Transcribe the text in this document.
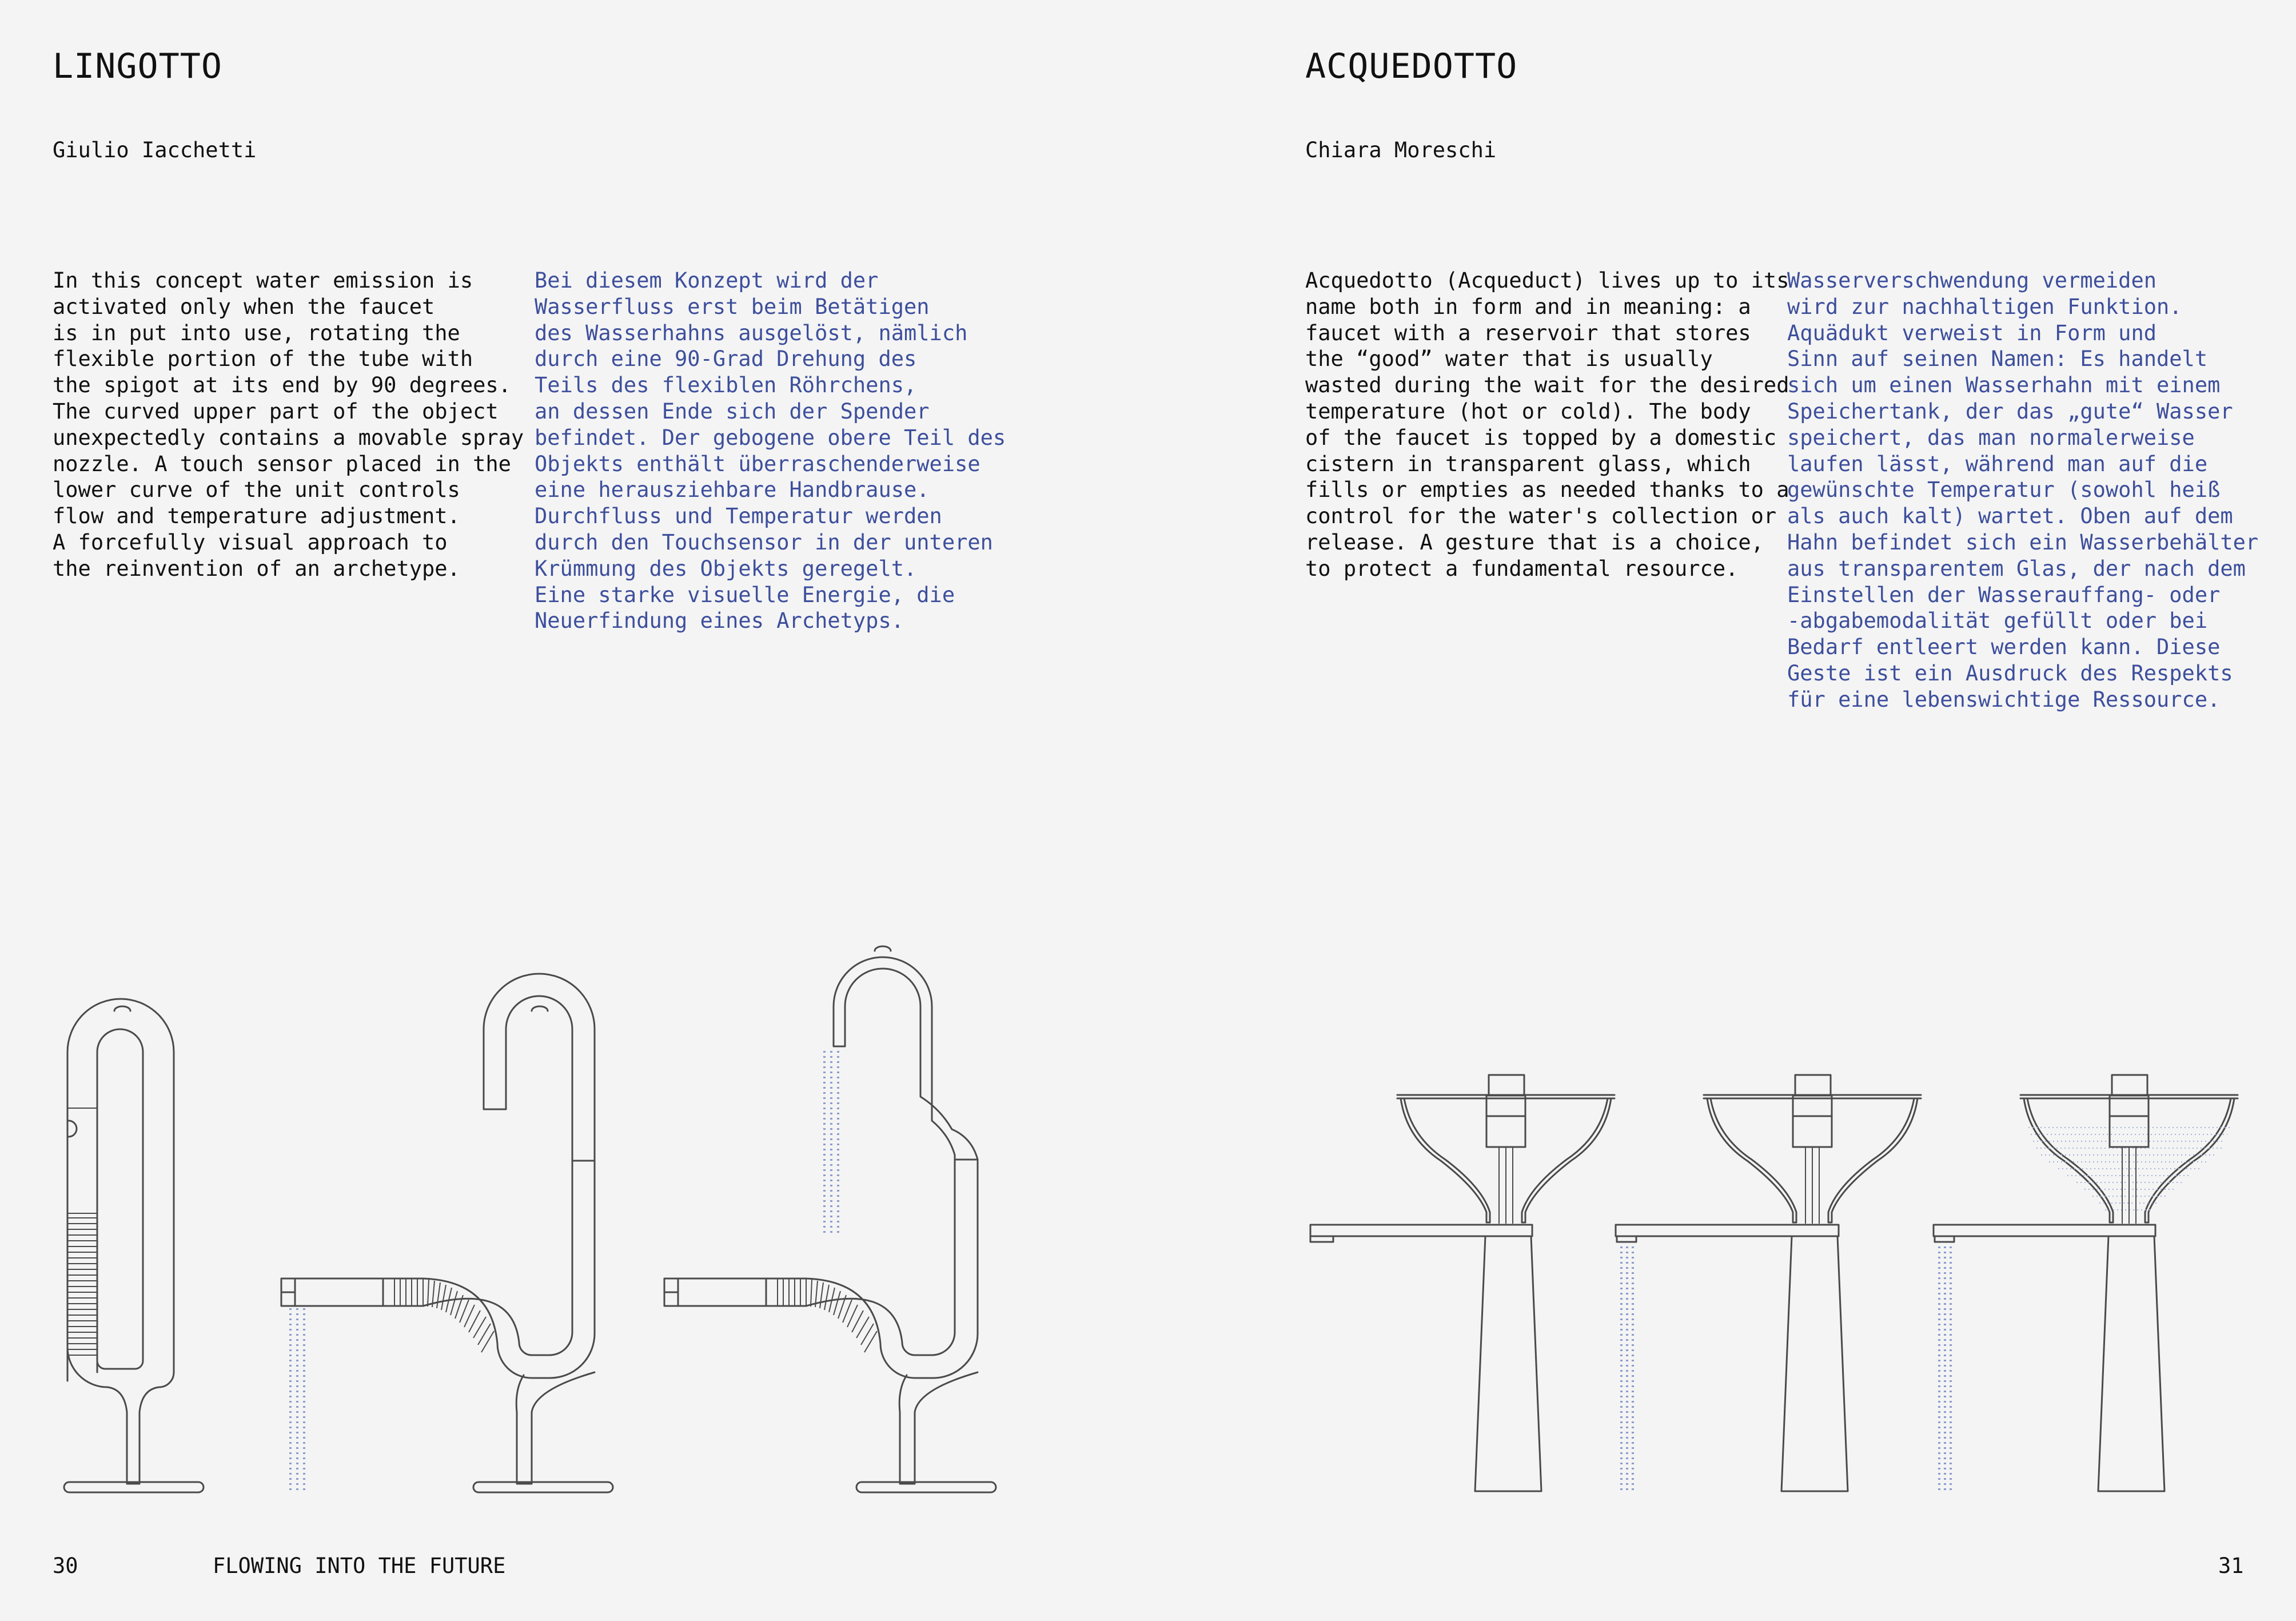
LINGOTTO
Giulio Iacchetti
In this concept water emission is
activated only when the faucet
is in put into use, rotating the
flexible portion of the tube with
the spigot at its end by 90 degrees.
The curved upper part of the object
unexpectedly contains a movable spray
nozzle. A touch sensor placed in the
lower curve of the unit controls
flow and temperature adjustment.
A forcefully visual approach to
the reinvention of an archetype.
Bei diesem Konzept wird der
Wasserfluss erst beim Betätigen
des Wasserhahns ausgelöst, nämlich
durch eine 90-Grad Drehung des
Teils des flexiblen Röhrchens,
an dessen Ende sich der Spender
befindet. Der gebogene obere Teil des
Objekts enthält überraschenderweise
eine herausziehbare Handbrause.
Durchfluss und Temperatur werden
durch den Touchsensor in der unteren
Krümmung des Objekts geregelt.
Eine starke visuelle Energie, die
Neuerfindung eines Archetyps.
ACQUEDOTTO
Chiara Moreschi
Acquedotto (Acqueduct) lives up to its
name both in form and in meaning: a
faucet with a reservoir that stores
the “good” water that is usually
wasted during the wait for the desired
temperature (hot or cold). The body
of the faucet is topped by a domestic
cistern in transparent glass, which
fills or empties as needed thanks to a
control for the water's collection or
release. A gesture that is a choice,
to protect a fundamental resource.
Wasserverschwendung vermeiden
wird zur nachhaltigen Funktion.
Aquädukt verweist in Form und
Sinn auf seinen Namen: Es handelt
sich um einen Wasserhahn mit einem
Speichertank, der das „gute“ Wasser
speichert, das man normalerweise
laufen lässt, während man auf die
gewünschte Temperatur (sowohl heiß
als auch kalt) wartet. Oben auf dem
Hahn befindet sich ein Wasserbehälter
aus transparentem Glas, der nach dem
Einstellen der Wasserauffang- oder
-abgabemodalität gefüllt oder bei
Bedarf entleert werden kann. Diese
Geste ist ein Ausdruck des Respekts
für eine lebenswichtige Ressource.
30	FLOWING INTO THE FUTURE	31
